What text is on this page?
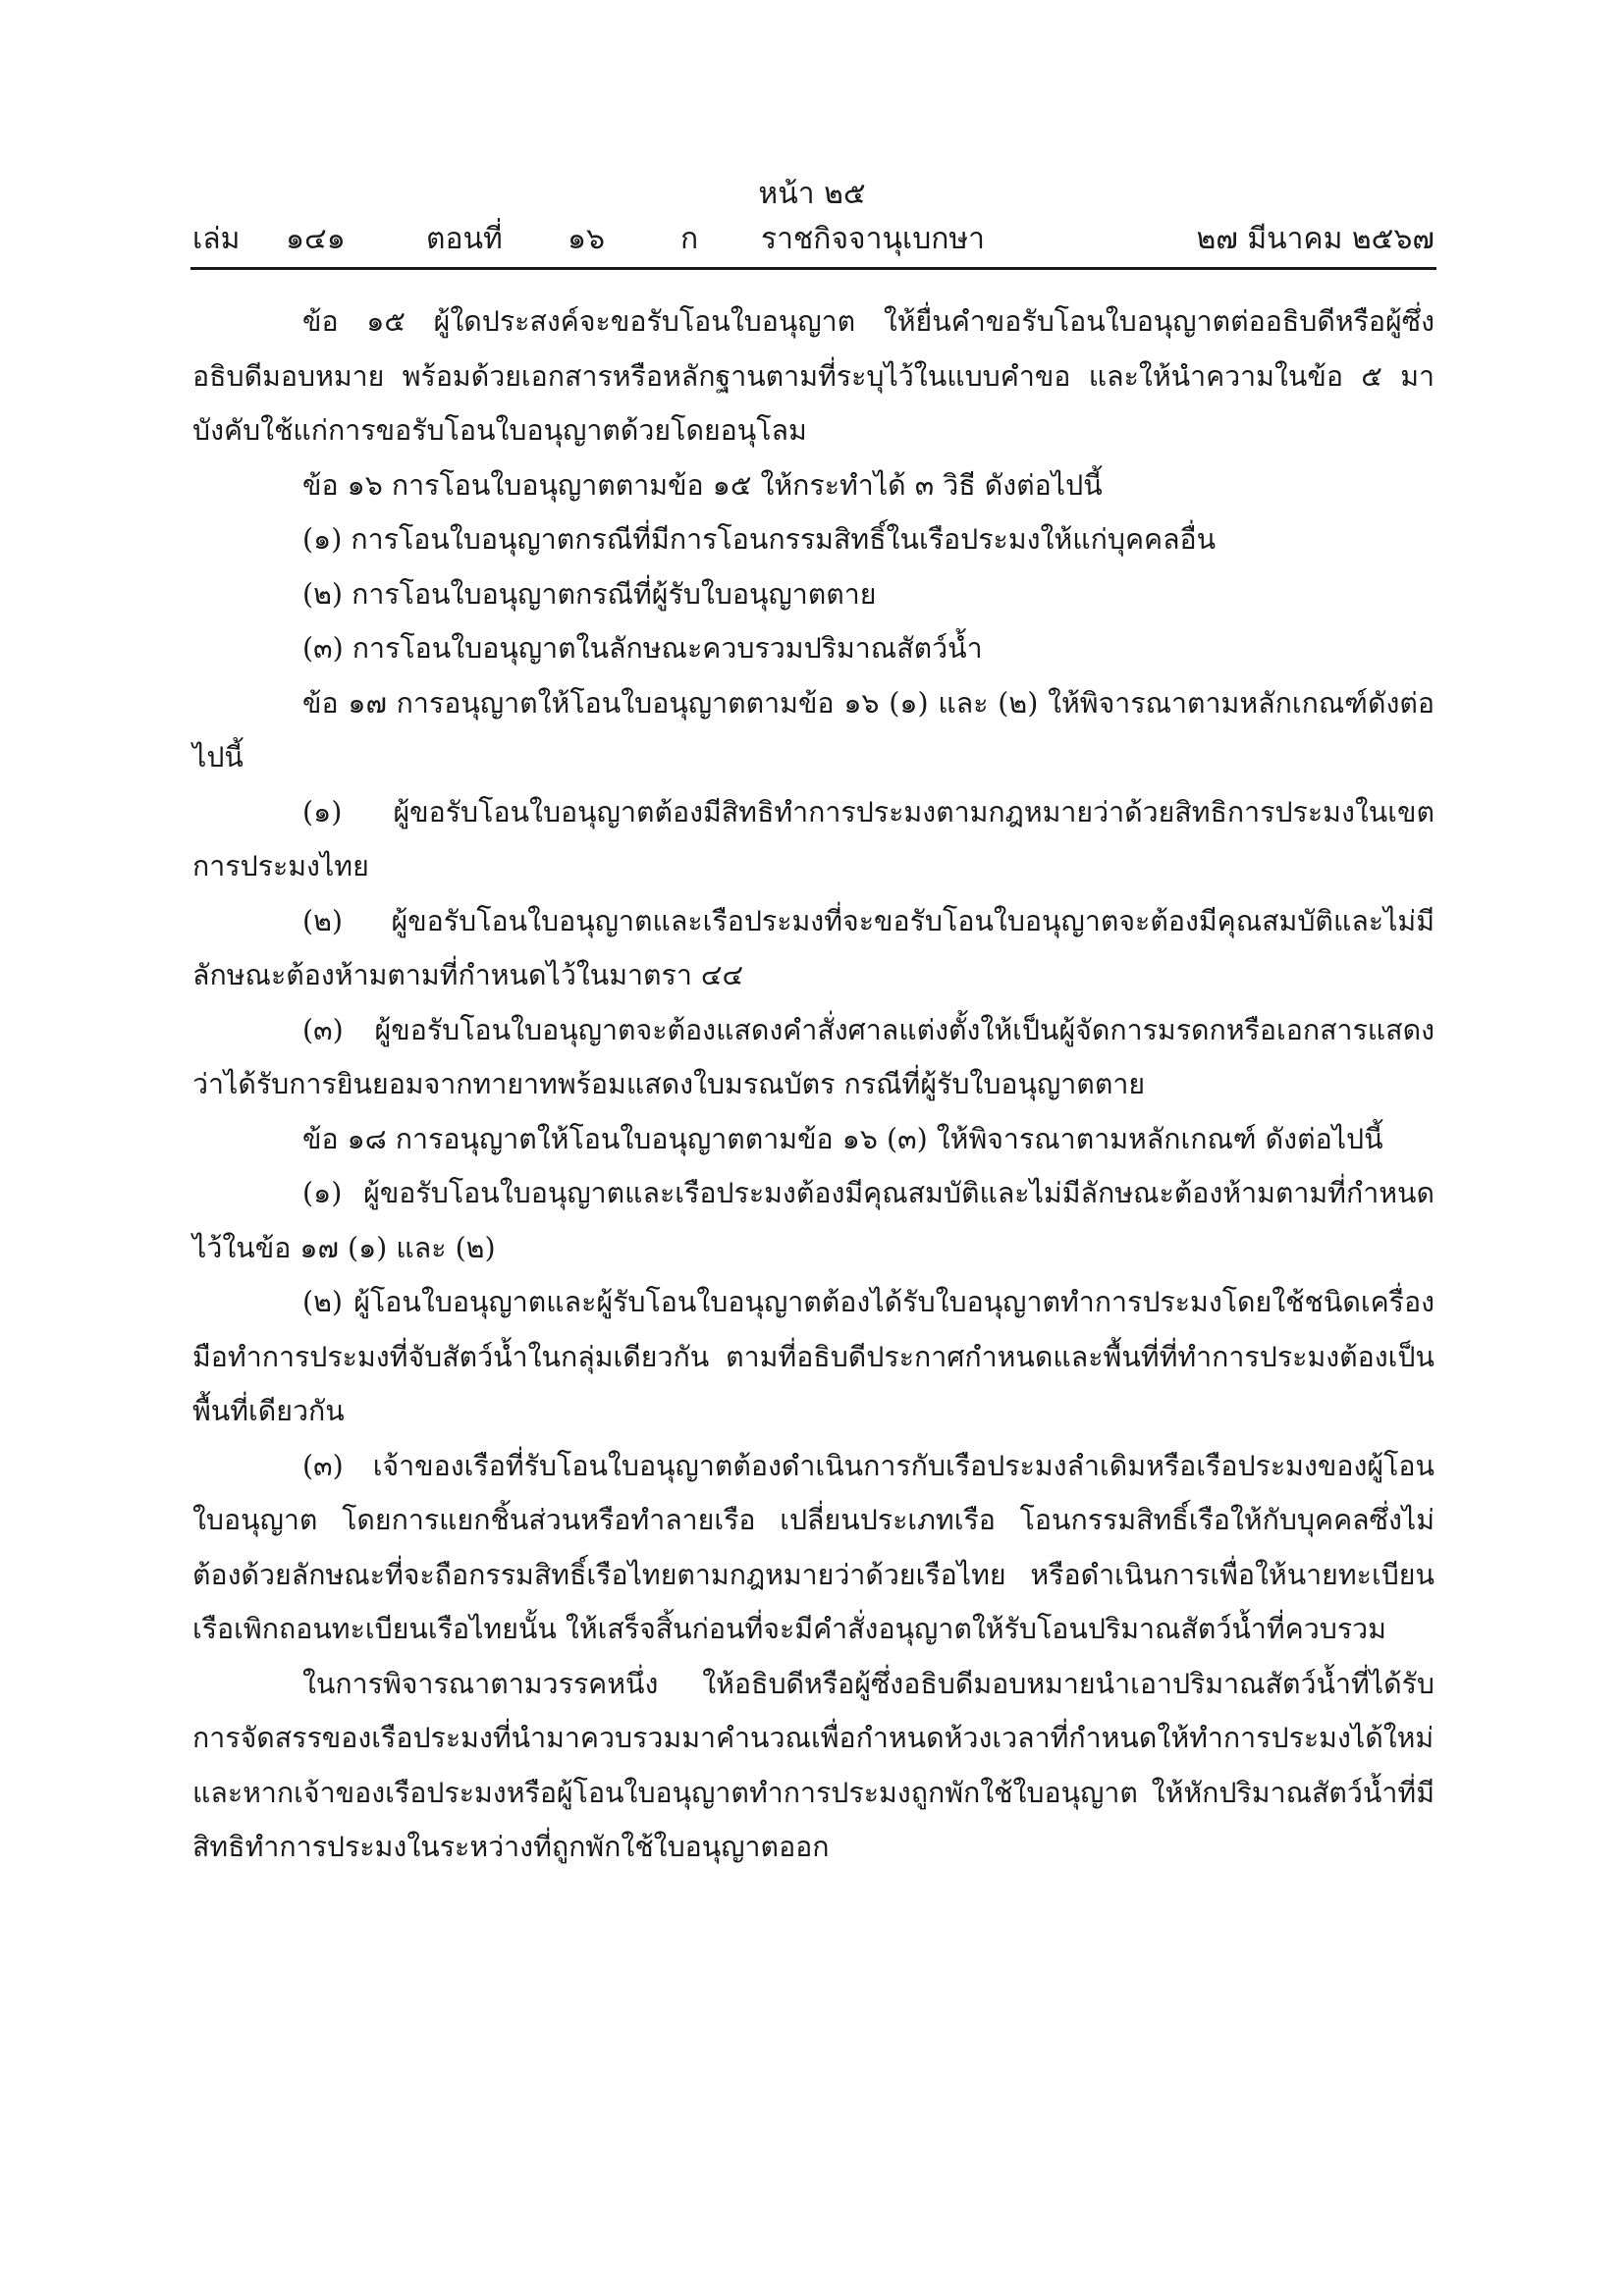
หน้า ๒๕
เล่ม ๑๔๑	ตอนที่ ๑๖	ก	ราชกิจจานุเบกษา	๒๗ มีนาคม ๒๕๖๗

ข้อ ๑๕ ผู้ใดประสงค์จะขอรับโอนใบอนุญาต ให้ยื่นคำขอรับโอนใบอนุญาตต่ออธิบดีหรือผู้ซึ่งอธิบดีมอบหมาย พร้อมด้วยเอกสารหรือหลักฐานตามที่ระบุไว้ในแบบคำขอ และให้นำความในข้อ ๕ มาบังคับใช้แก่การขอรับโอนใบอนุญาตด้วยโดยอนุโลม

ข้อ ๑๖ การโอนใบอนุญาตตามข้อ ๑๕ ให้กระทำได้ ๓ วิธี ดังต่อไปนี้

(๑) การโอนใบอนุญาตกรณีที่มีการโอนกรรมสิทธิ์ในเรือประมงให้แก่บุคคลอื่น

(๒) การโอนใบอนุญาตกรณีที่ผู้รับใบอนุญาตตาย

(๓) การโอนใบอนุญาตในลักษณะควบรวมปริมาณสัตว์น้ำ

ข้อ ๑๗ การอนุญาตให้โอนใบอนุญาตตามข้อ ๑๖ (๑) และ (๒) ให้พิจารณาตามหลักเกณฑ์ดังต่อไปนี้

(๑) ผู้ขอรับโอนใบอนุญาตต้องมีสิทธิทำการประมงตามกฎหมายว่าด้วยสิทธิการประมงในเขตการประมงไทย

(๒) ผู้ขอรับโอนใบอนุญาตและเรือประมงที่จะขอรับโอนใบอนุญาตจะต้องมีคุณสมบัติและไม่มีลักษณะต้องห้ามตามที่กำหนดไว้ในมาตรา ๔๔

(๓) ผู้ขอรับโอนใบอนุญาตจะต้องแสดงคำสั่งศาลแต่งตั้งให้เป็นผู้จัดการมรดกหรือเอกสารแสดงว่าได้รับการยินยอมจากทายาทพร้อมแสดงใบมรณบัตร กรณีที่ผู้รับใบอนุญาตตาย

ข้อ ๑๘ การอนุญาตให้โอนใบอนุญาตตามข้อ ๑๖ (๓) ให้พิจารณาตามหลักเกณฑ์ ดังต่อไปนี้

(๑) ผู้ขอรับโอนใบอนุญาตและเรือประมงต้องมีคุณสมบัติและไม่มีลักษณะต้องห้ามตามที่กำหนดไว้ในข้อ ๑๗ (๑) และ (๒)

(๒) ผู้โอนใบอนุญาตและผู้รับโอนใบอนุญาตต้องได้รับใบอนุญาตทำการประมงโดยใช้ชนิดเครื่องมือทำการประมงที่จับสัตว์น้ำในกลุ่มเดียวกัน ตามที่อธิบดีประกาศกำหนดและพื้นที่ที่ทำการประมงต้องเป็นพื้นที่เดียวกัน

(๓) เจ้าของเรือที่รับโอนใบอนุญาตต้องดำเนินการกับเรือประมงลำเดิมหรือเรือประมงของผู้โอนใบอนุญาต โดยการแยกชิ้นส่วนหรือทำลายเรือ เปลี่ยนประเภทเรือ โอนกรรมสิทธิ์เรือให้กับบุคคลซึ่งไม่ต้องด้วยลักษณะที่จะถือกรรมสิทธิ์เรือไทยตามกฎหมายว่าด้วยเรือไทย หรือดำเนินการเพื่อให้นายทะเบียนเรือเพิกถอนทะเบียนเรือไทยนั้น ให้เสร็จสิ้นก่อนที่จะมีคำสั่งอนุญาตให้รับโอนปริมาณสัตว์น้ำที่ควบรวม

ในการพิจารณาตามวรรคหนึ่ง ให้อธิบดีหรือผู้ซึ่งอธิบดีมอบหมายนำเอาปริมาณสัตว์น้ำที่ได้รับการจัดสรรของเรือประมงที่นำมาควบรวมมาคำนวณเพื่อกำหนดห้วงเวลาที่กำหนดให้ทำการประมงได้ใหม่และหากเจ้าของเรือประมงหรือผู้โอนใบอนุญาตทำการประมงถูกพักใช้ใบอนุญาต ให้หักปริมาณสัตว์น้ำที่มีสิทธิทำการประมงในระหว่างที่ถูกพักใช้ใบอนุญาตออก
